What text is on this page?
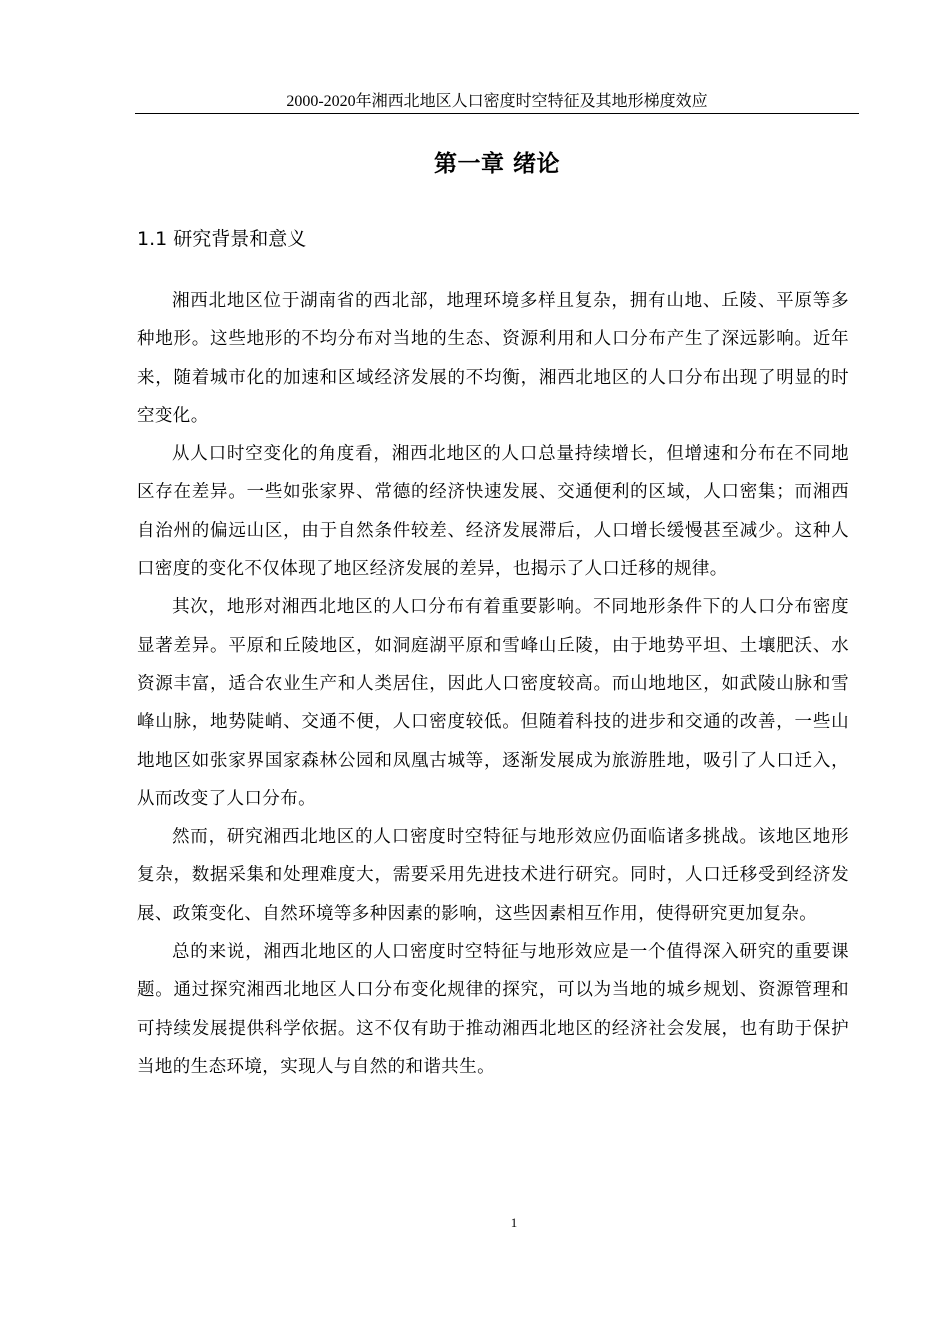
2000-2020年湘西北地区人口密度时空特征及其地形梯度效应
第一章 绪论
1.1 研究背景和意义

湘西北地区位于湖南省的西北部，地理环境多样且复杂，拥有山地、丘陵、平原等多种地形。这些地形的不均分布对当地的生态、资源利用和人口分布产生了深远影响。近年来，随着城市化的加速和区域经济发展的不均衡，湘西北地区的人口分布出现了明显的时空变化。

从人口时空变化的角度看，湘西北地区的人口总量持续增长，但增速和分布在不同地区存在差异。一些如张家界、常德的经济快速发展、交通便利的区域，人口密集；而湘西自治州的偏远山区，由于自然条件较差、经济发展滞后，人口增长缓慢甚至减少。这种人口密度的变化不仅体现了地区经济发展的差异，也揭示了人口迁移的规律。

其次，地形对湘西北地区的人口分布有着重要影响。不同地形条件下的人口分布密度显著差异。平原和丘陵地区，如洞庭湖平原和雪峰山丘陵，由于地势平坦、土壤肥沃、水资源丰富，适合农业生产和人类居住，因此人口密度较高。而山地地区，如武陵山脉和雪峰山脉，地势陡峭、交通不便，人口密度较低。但随着科技的进步和交通的改善，一些山地地区如张家界国家森林公园和凤凰古城等，逐渐发展成为旅游胜地，吸引了人口迁入，从而改变了人口分布。

然而，研究湘西北地区的人口密度时空特征与地形效应仍面临诸多挑战。该地区地形复杂，数据采集和处理难度大，需要采用先进技术进行研究。同时，人口迁移受到经济发展、政策变化、自然环境等多种因素的影响，这些因素相互作用，使得研究更加复杂。

总的来说，湘西北地区的人口密度时空特征与地形效应是一个值得深入研究的重要课题。通过探究湘西北地区人口分布变化规律的探究，可以为当地的城乡规划、资源管理和可持续发展提供科学依据。这不仅有助于推动湘西北地区的经济社会发展，也有助于保护当地的生态环境，实现人与自然的和谐共生。

1
